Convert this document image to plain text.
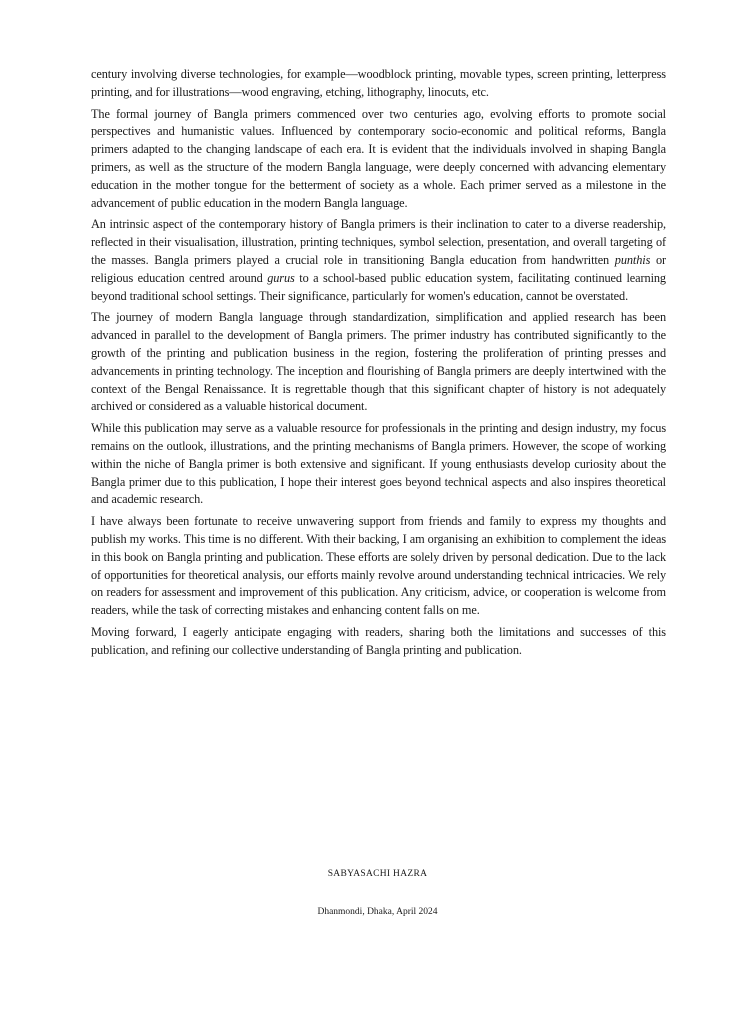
century involving diverse technologies, for example—woodblock printing, movable types, screen printing, letterpress printing, and for illustrations—wood engraving, etching, lithography, linocuts, etc.

The formal journey of Bangla primers commenced over two centuries ago, evolving efforts to promote social perspectives and humanistic values. Influenced by contemporary socio-economic and political reforms, Bangla primers adapted to the changing landscape of each era. It is evident that the individuals involved in shaping Bangla primers, as well as the structure of the modern Bangla language, were deeply concerned with advancing elementary education in the mother tongue for the betterment of society as a whole. Each primer served as a milestone in the advancement of public education in the modern Bangla language.

An intrinsic aspect of the contemporary history of Bangla primers is their inclination to cater to a diverse readership, reflected in their visualisation, illustration, printing techniques, symbol selection, presentation, and overall targeting of the masses. Bangla primers played a crucial role in transitioning Bangla education from handwritten punthis or religious education centred around gurus to a school-based public education system, facilitating continued learning beyond traditional school settings. Their significance, particularly for women's education, cannot be overstated.

The journey of modern Bangla language through standardization, simplification and applied research has been advanced in parallel to the development of Bangla primers. The primer industry has contributed significantly to the growth of the printing and publication business in the region, fostering the proliferation of printing presses and advancements in printing technology. The inception and flourishing of Bangla primers are deeply intertwined with the context of the Bengal Renaissance. It is regrettable though that this significant chapter of history is not adequately archived or considered as a valuable historical document.

While this publication may serve as a valuable resource for professionals in the printing and design industry, my focus remains on the outlook, illustrations, and the printing mechanisms of Bangla primers. However, the scope of working within the niche of Bangla primer is both extensive and significant. If young enthusiasts develop curiosity about the Bangla primer due to this publication, I hope their interest goes beyond technical aspects and also inspires theoretical and academic research.

I have always been fortunate to receive unwavering support from friends and family to express my thoughts and publish my works. This time is no different. With their backing, I am organising an exhibition to complement the ideas in this book on Bangla printing and publication. These efforts are solely driven by personal dedication. Due to the lack of opportunities for theoretical analysis, our efforts mainly revolve around understanding technical intricacies. We rely on readers for assessment and improvement of this publication. Any criticism, advice, or cooperation is welcome from readers, while the task of correcting mistakes and enhancing content falls on me.

Moving forward, I eagerly anticipate engaging with readers, sharing both the limitations and successes of this publication, and refining our collective understanding of Bangla printing and publication.

SABYASACHI HAZRA
Dhanmondi, Dhaka, April 2024
